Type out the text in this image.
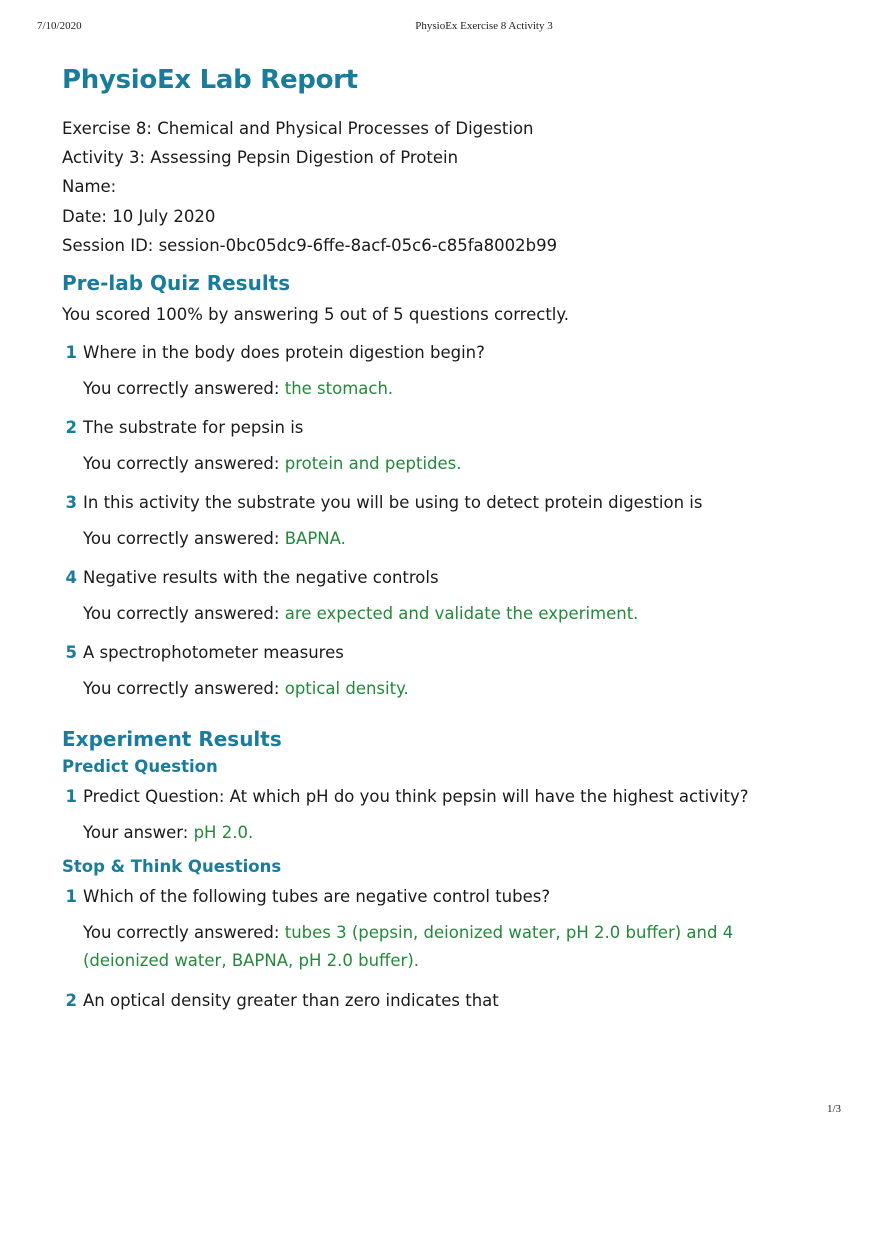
7/10/2020	PhysioEx Exercise 8 Activity 3
PhysioEx Lab Report
Exercise 8: Chemical and Physical Processes of Digestion
Activity 3: Assessing Pepsin Digestion of Protein
Name:
Date: 10 July 2020
Session ID: session-0bc05dc9-6ffe-8acf-05c6-c85fa8002b99
Pre-lab Quiz Results
You scored 100% by answering 5 out of 5 questions correctly.
1 Where in the body does protein digestion begin?
You correctly answered: the stomach.
2 The substrate for pepsin is
You correctly answered: protein and peptides.
3 In this activity the substrate you will be using to detect protein digestion is
You correctly answered: BAPNA.
4 Negative results with the negative controls
You correctly answered: are expected and validate the experiment.
5 A spectrophotometer measures
You correctly answered: optical density.
Experiment Results
Predict Question
1 Predict Question: At which pH do you think pepsin will have the highest activity?
Your answer: pH 2.0.
Stop & Think Questions
1 Which of the following tubes are negative control tubes?
You correctly answered: tubes 3 (pepsin, deionized water, pH 2.0 buffer) and 4 (deionized water, BAPNA, pH 2.0 buffer).
2 An optical density greater than zero indicates that
1/3
